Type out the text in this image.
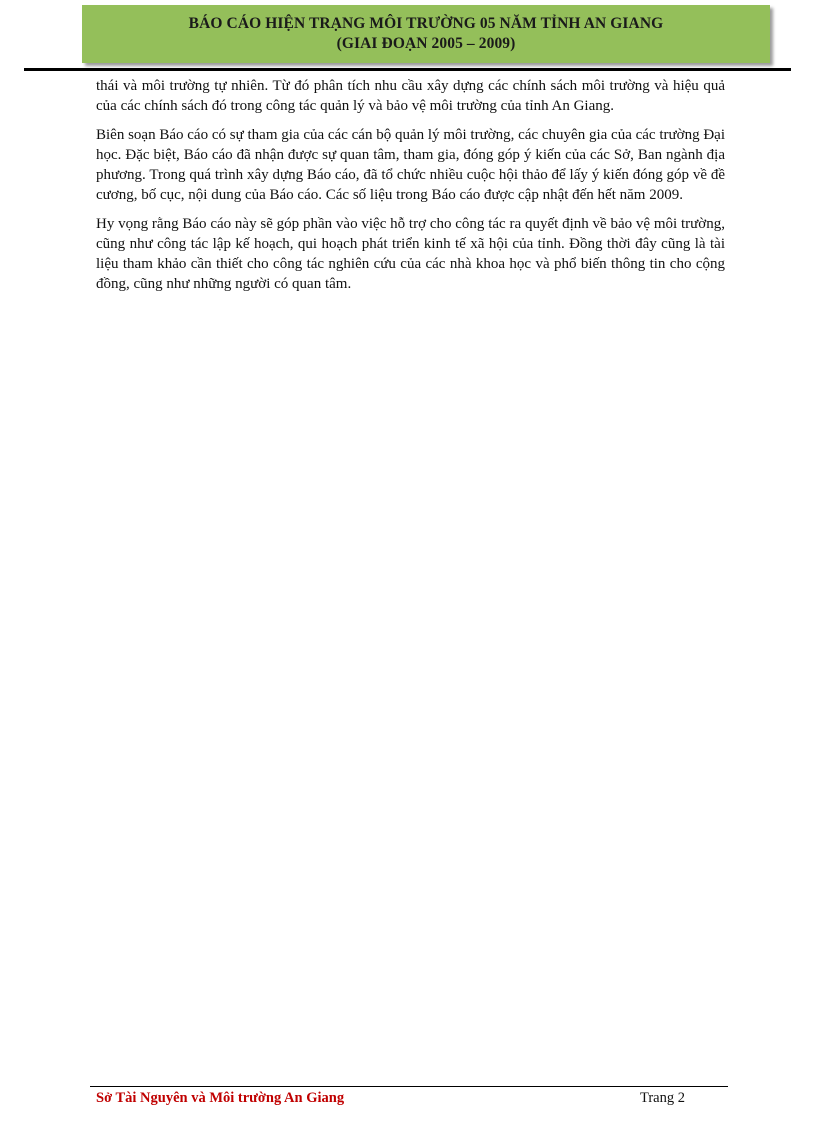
BÁO CÁO HIỆN TRẠNG MÔI TRƯỜNG 05 NĂM TỈNH AN GIANG
(GIAI ĐOẠN 2005 – 2009)

thái và môi trường tự nhiên. Từ đó phân tích nhu cầu xây dựng các chính sách môi trường và hiệu quả của các chính sách đó trong công tác quản lý và bảo vệ môi trường của tỉnh An Giang.

Biên soạn Báo cáo có sự tham gia của các cán bộ quản lý môi trường, các chuyên gia của các trường Đại học. Đặc biệt, Báo cáo đã nhận được sự quan tâm, tham gia, đóng góp ý kiến của các Sở, Ban ngành địa phương. Trong quá trình xây dựng Báo cáo, đã tổ chức nhiều cuộc hội thảo để lấy ý kiến đóng góp về đề cương, bố cục, nội dung của Báo cáo. Các số liệu trong Báo cáo được cập nhật đến hết năm 2009.

Hy vọng rằng Báo cáo này sẽ góp phần vào việc hỗ trợ cho công tác ra quyết định về bảo vệ môi trường, cũng như công tác lập kế hoạch, qui hoạch phát triển kinh tế xã hội của tỉnh. Đồng thời đây cũng là tài liệu tham khảo cần thiết cho công tác nghiên cứu của các nhà khoa học và phổ biến thông tin cho cộng đồng, cũng như những người có quan tâm.

Sở Tài Nguyên và Môi trường An Giang	Trang 2
